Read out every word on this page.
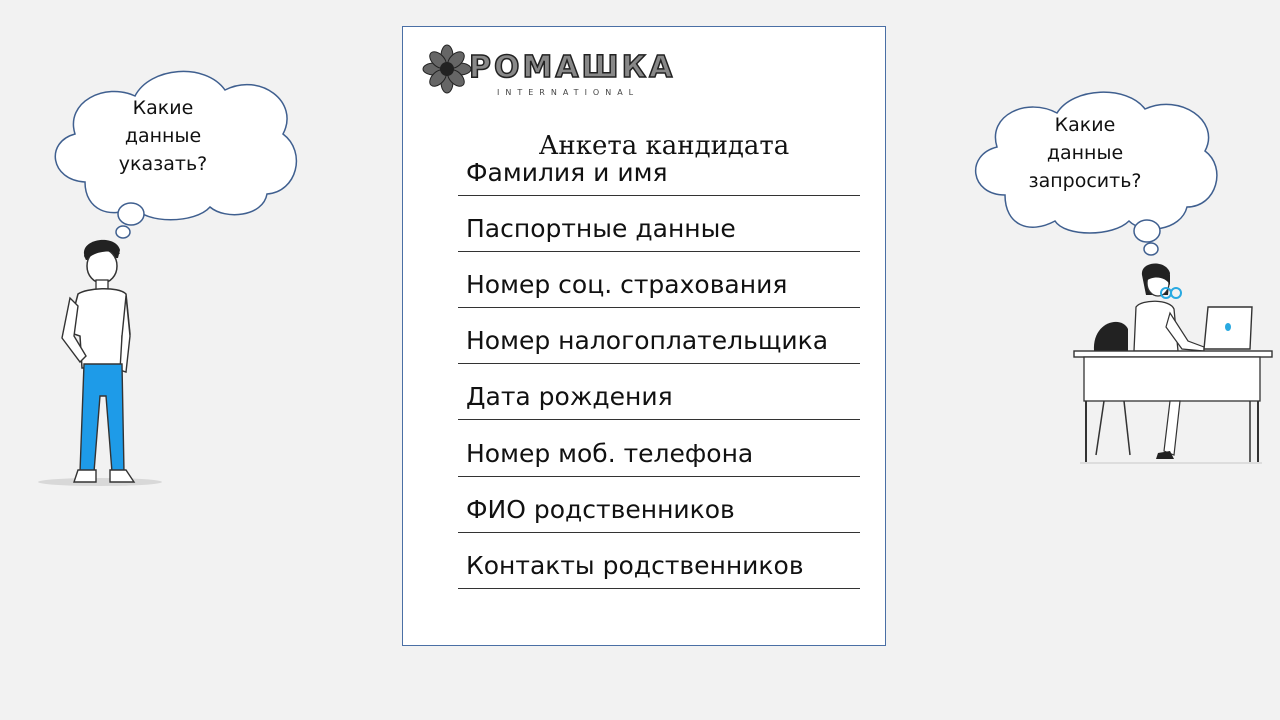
Какие
данные
указать?
РОМАШКА
INTERNATIONAL
Анкета кандидата
Фамилия и имя
Паспортные данные
Номер соц. страхования
Номер налогоплательщика
Дата рождения
Номер моб. телефона
ФИО родственников
Контакты родственников
Какие
данные
запросить?
